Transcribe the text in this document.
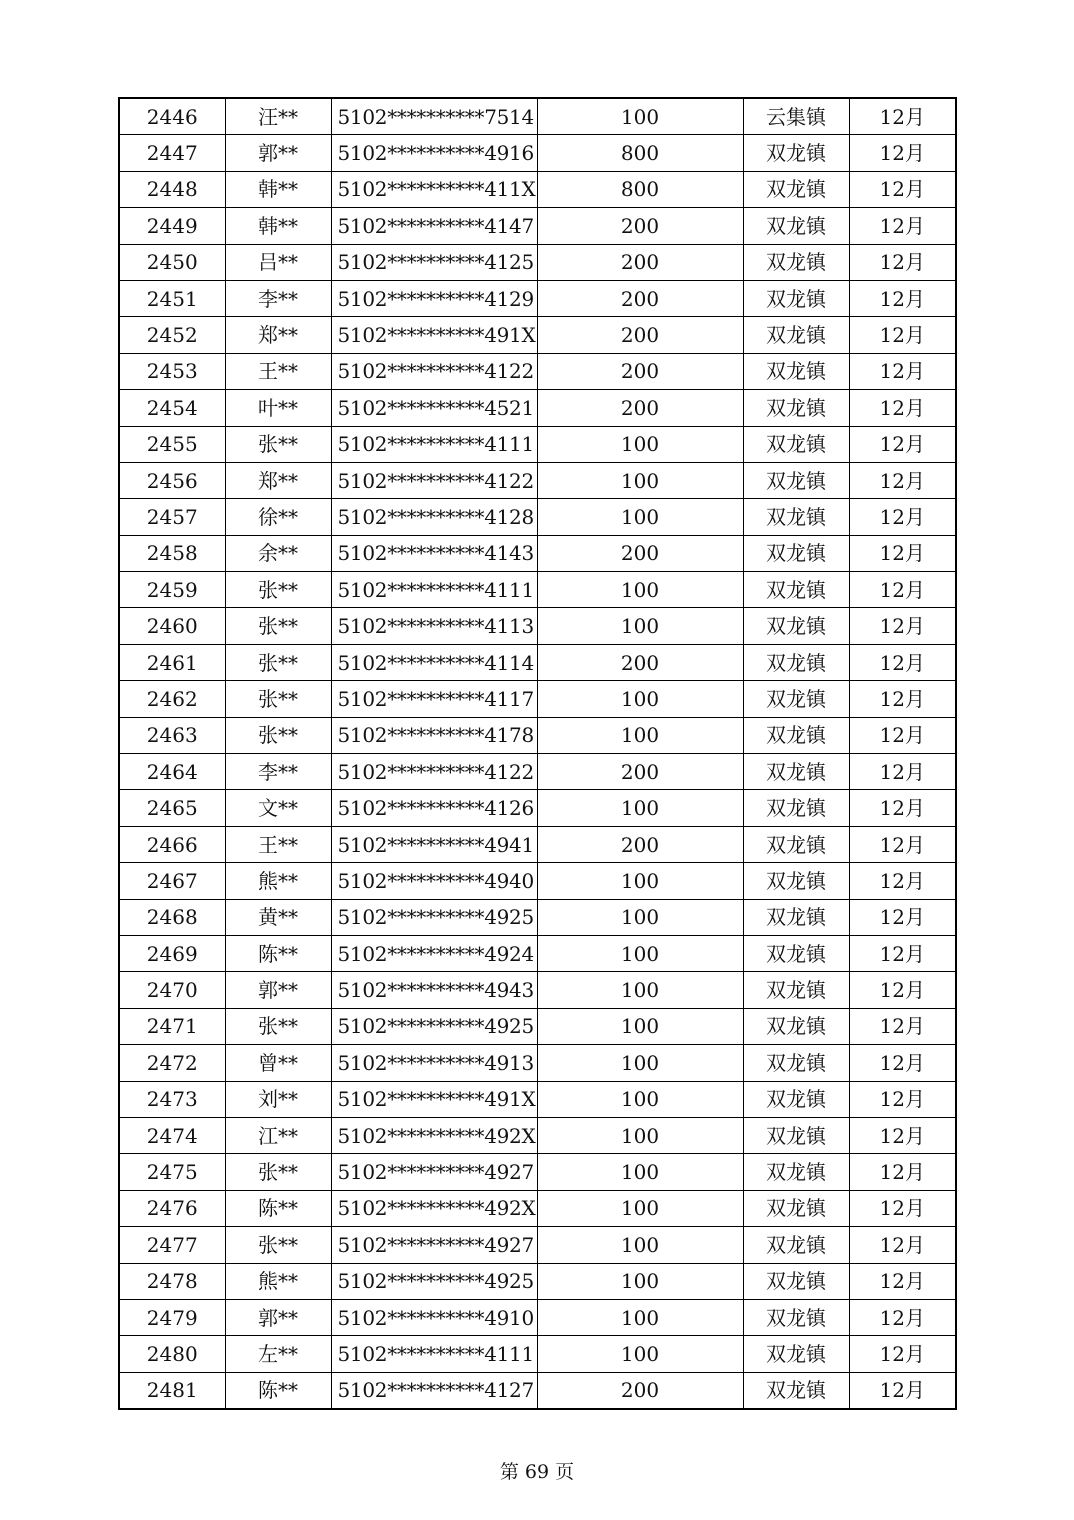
2446	汪**	5102**********7514	100	云集镇	12月
2447	郭**	5102**********4916	800	双龙镇	12月
2448	韩**	5102**********411X	800	双龙镇	12月
2449	韩**	5102**********4147	200	双龙镇	12月
2450	吕**	5102**********4125	200	双龙镇	12月
2451	李**	5102**********4129	200	双龙镇	12月
2452	郑**	5102**********491X	200	双龙镇	12月
2453	王**	5102**********4122	200	双龙镇	12月
2454	叶**	5102**********4521	200	双龙镇	12月
2455	张**	5102**********4111	100	双龙镇	12月
2456	郑**	5102**********4122	100	双龙镇	12月
2457	徐**	5102**********4128	100	双龙镇	12月
2458	余**	5102**********4143	200	双龙镇	12月
2459	张**	5102**********4111	100	双龙镇	12月
2460	张**	5102**********4113	100	双龙镇	12月
2461	张**	5102**********4114	200	双龙镇	12月
2462	张**	5102**********4117	100	双龙镇	12月
2463	张**	5102**********4178	100	双龙镇	12月
2464	李**	5102**********4122	200	双龙镇	12月
2465	文**	5102**********4126	100	双龙镇	12月
2466	王**	5102**********4941	200	双龙镇	12月
2467	熊**	5102**********4940	100	双龙镇	12月
2468	黄**	5102**********4925	100	双龙镇	12月
2469	陈**	5102**********4924	100	双龙镇	12月
2470	郭**	5102**********4943	100	双龙镇	12月
2471	张**	5102**********4925	100	双龙镇	12月
2472	曾**	5102**********4913	100	双龙镇	12月
2473	刘**	5102**********491X	100	双龙镇	12月
2474	江**	5102**********492X	100	双龙镇	12月
2475	张**	5102**********4927	100	双龙镇	12月
2476	陈**	5102**********492X	100	双龙镇	12月
2477	张**	5102**********4927	100	双龙镇	12月
2478	熊**	5102**********4925	100	双龙镇	12月
2479	郭**	5102**********4910	100	双龙镇	12月
2480	左**	5102**********4111	100	双龙镇	12月
2481	陈**	5102**********4127	200	双龙镇	12月
第 69 页
